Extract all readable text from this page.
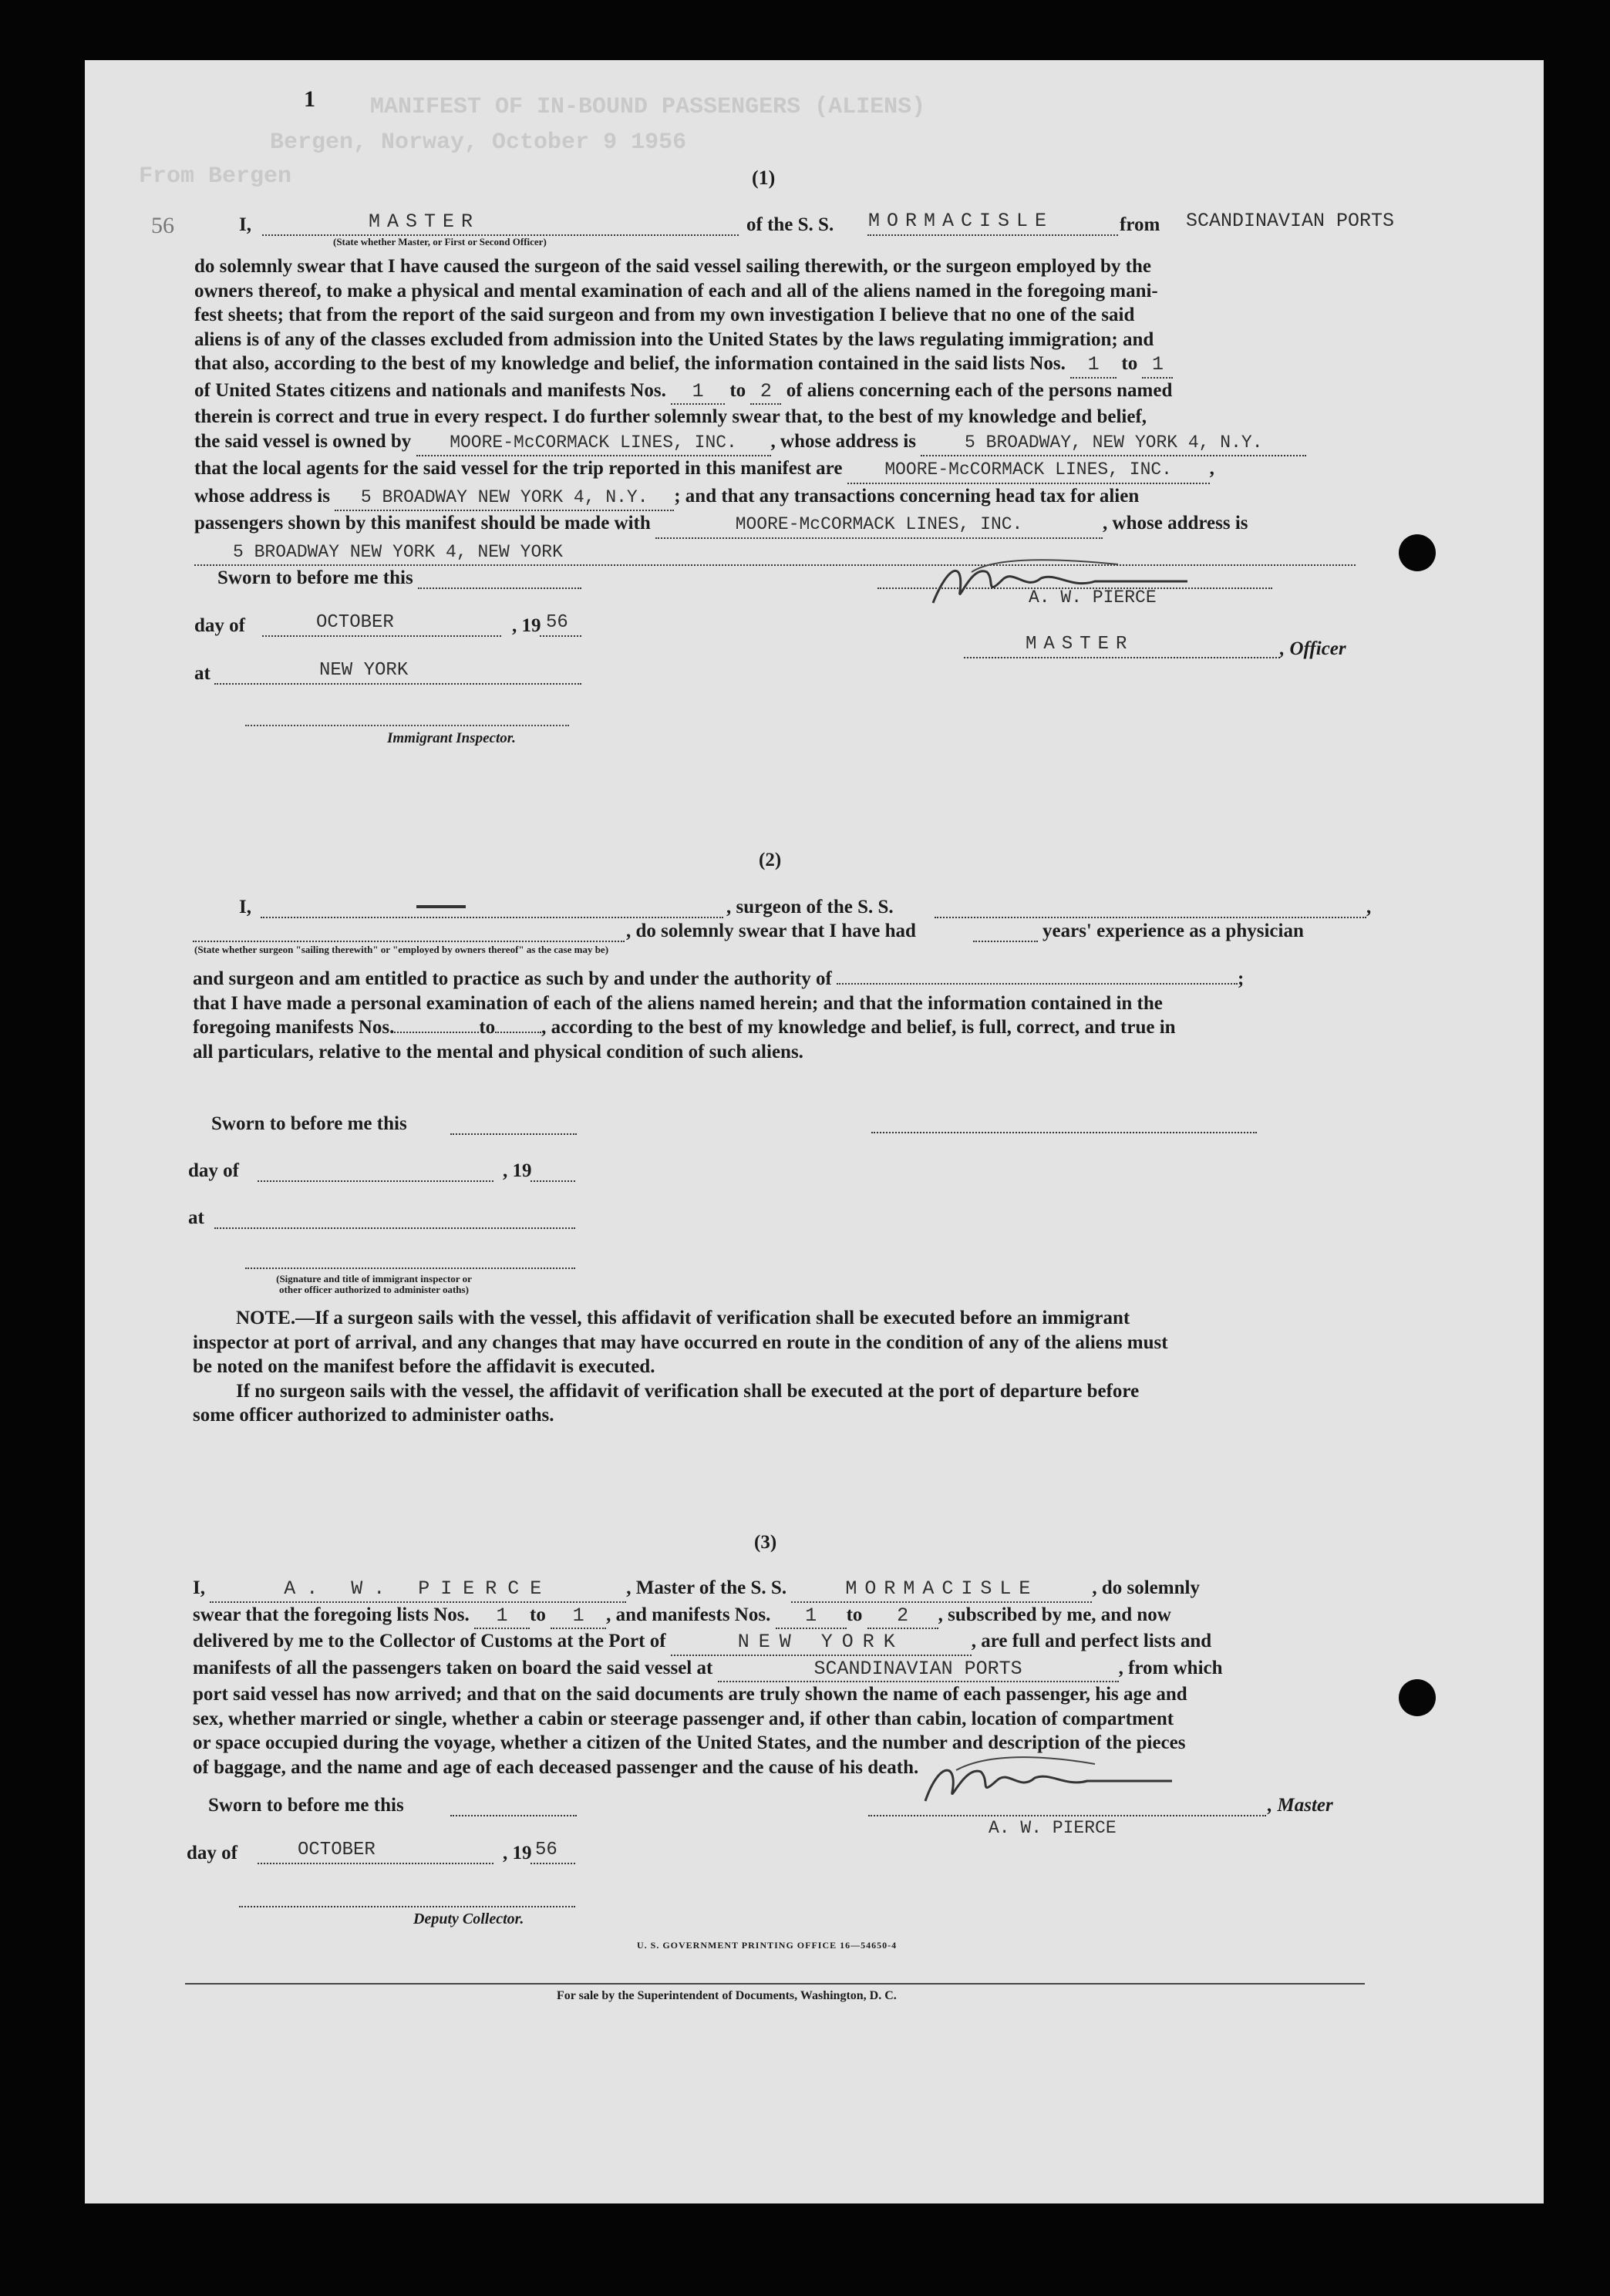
MANIFEST OF IN-BOUND PASSENGERS (ALIENS)
Bergen, Norway, October 9 1956
From Bergen
1
(1)
56	I,	MASTER
(State whether Master, or First or Second Officer)
of the S. S. MORMACISLE	from SCANDINAVIAN PORTS
do solemnly swear that I have caused the surgeon of the said vessel sailing therewith, or the surgeon employed by the
owners thereof, to make a physical and mental examination of each and all of the aliens named in the foregoing mani-
fest sheets; that from the report of the said surgeon and from my own investigation I believe that no one of the said
aliens is of any of the classes excluded from admission into the United States by the laws regulating immigration; and
that also, according to the best of my knowledge and belief, the information contained in the said lists Nos. 1 to 1
of United States citizens and nationals and manifests Nos. 1 to 2 of aliens concerning each of the persons named
therein is correct and true in every respect. I do further solemnly swear that, to the best of my knowledge and belief,
the said vessel is owned by MOORE-McCORMACK LINES, INC. , whose address is	5 BROADWAY, NEW YORK 4, N.Y.
that the local agents for the said vessel for the trip reported in this manifest are MOORE-McCORMACK LINES, INC. ,
whose address is 5 BROADWAY NEW YORK 4, N.Y. ; and that any transactions concerning head tax for alien
passengers shown by this manifest should be made with	MOORE-McCORMACK LINES, INC.	, whose address is
5 BROADWAY NEW YORK 4, NEW YORK
Sworn to before me this
day of	OCTOBER	, 19 56
at	NEW YORK
Immigrant Inspector.
A. W. PIERCE
MASTER	, Officer
(2)
I,	, surgeon of the S. S.	,
, do solemnly swear that I have had	years' experience as a physician
(State whether surgeon "sailing therewith" or "employed by owners thereof" as the case may be)
and surgeon and am entitled to practice as such by and under the authority of	;
that I have made a personal examination of each of the aliens named herein; and that the information contained in the
foregoing manifests Nos.	to , according to the best of my knowledge and belief, is full, correct, and true in
all particulars, relative to the mental and physical condition of such aliens.
Sworn to before me this
day of	, 19
at
(Signature and title of immigrant inspector or
other officer authorized to administer oaths)
NOTE.—If a surgeon sails with the vessel, this affidavit of verification shall be executed before an immigrant
inspector at port of arrival, and any changes that may have occurred en route in the condition of any of the aliens must
be noted on the manifest before the affidavit is executed.
If no surgeon sails with the vessel, the affidavit of verification shall be executed at the port of departure before
some officer authorized to administer oaths.
(3)
I,	A. W. PIERCE	, Master of the S. S.	MORMACISLE	, do solemnly
swear that the foregoing lists Nos. 1 to 1 , and manifests Nos. 1 to 2 , subscribed by me, and now
delivered by me to the Collector of Customs at the Port of	NEW YORK	, are full and perfect lists and
manifests of all the passengers taken on board the said vessel at	SCANDINAVIAN PORTS	, from which
port said vessel has now arrived; and that on the said documents are truly shown the name of each passenger, his age and
sex, whether married or single, whether a cabin or steerage passenger and, if other than cabin, location of compartment
or space occupied during the voyage, whether a citizen of the United States, and the number and description of the pieces
of baggage, and the name and age of each deceased passenger and the cause of his death.
Sworn to before me this	, Master
A. W. PIERCE
day of	OCTOBER	, 19 56
Deputy Collector.
U. S. GOVERNMENT PRINTING OFFICE 16—54650-4
For sale by the Superintendent of Documents, Washington, D. C.
